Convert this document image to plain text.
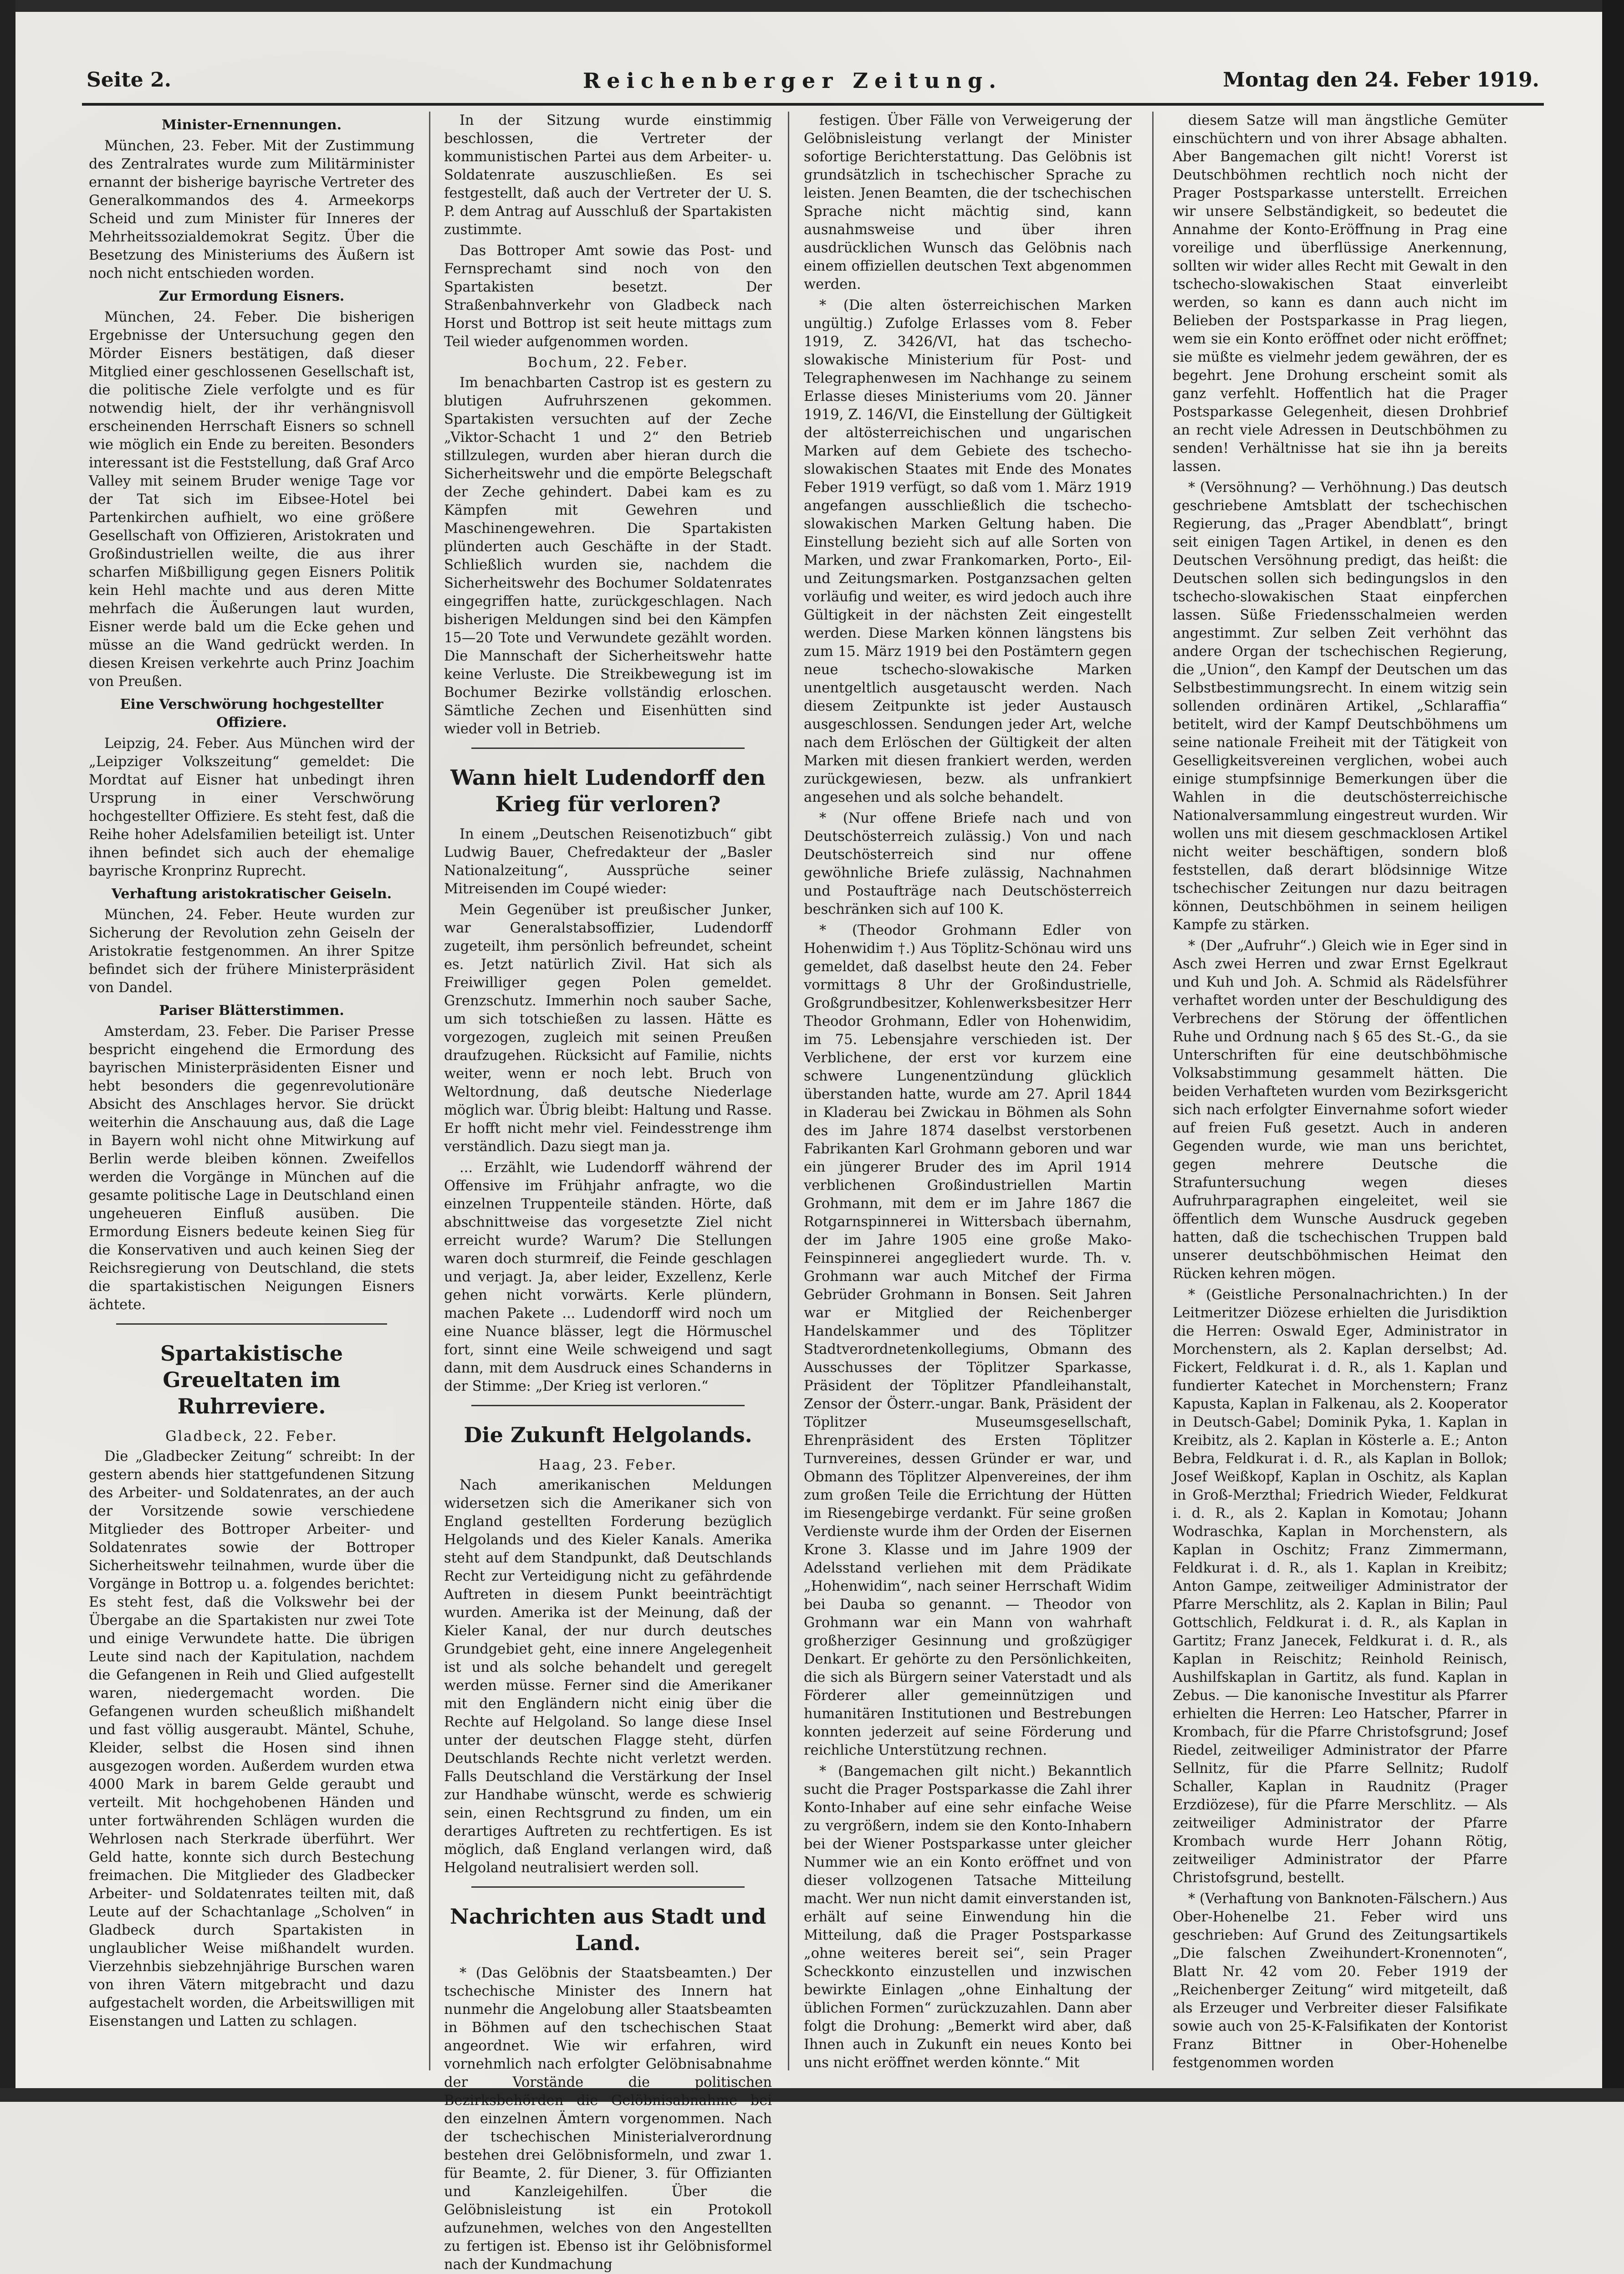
Seite 2.	Reichenberger Zeitung.	Montag den 24. Feber 1919.
Minister-Ernennungen.

München, 23. Feber. Mit der Zustimmung des Zentralrates wurde zum Militärminister ernannt der bisherige bayrische Vertreter des Generalkommandos des 4. Armeekorps Scheid und zum Minister für Inneres der Mehrheitssozialdemokrat Segitz. Über die Besetzung des Ministeriums des Äußern ist noch nicht entschieden worden.

Zur Ermordung Eisners.

München, 24. Feber. Die bisherigen Ergebnisse der Untersuchung gegen den Mörder Eisners bestätigen, daß dieser Mitglied einer geschlossenen Gesellschaft ist, die politische Ziele verfolgte und es für notwendig hielt, der ihr verhängnisvoll erscheinenden Herrschaft Eisners so schnell wie möglich ein Ende zu bereiten. Besonders interessant ist die Feststellung, daß Graf Arco Valley mit seinem Bruder wenige Tage vor der Tat sich im Eibsee-Hotel bei Partenkirchen aufhielt, wo eine größere Gesellschaft von Offizieren, Aristokraten und Großindustriellen weilte, die aus ihrer scharfen Mißbilligung gegen Eisners Politik kein Hehl machte und aus deren Mitte mehrfach die Äußerungen laut wurden, Eisner werde bald um die Ecke gehen und müsse an die Wand gedrückt werden. In diesen Kreisen verkehrte auch Prinz Joachim von Preußen.

Eine Verschwörung hochgestellter Offiziere.

Leipzig, 24. Feber. Aus München wird der „Leipziger Volkszeitung“ gemeldet: Die Mordtat auf Eisner hat unbedingt ihren Ursprung in einer Verschwörung hochgestellter Offiziere. Es steht fest, daß die Reihe hoher Adelsfamilien beteiligt ist. Unter ihnen befindet sich auch der ehemalige bayrische Kronprinz Ruprecht.

Verhaftung aristokratischer Geiseln.

München, 24. Feber. Heute wurden zur Sicherung der Revolution zehn Geiseln der Aristokratie festgenommen. An ihrer Spitze befindet sich der frühere Ministerpräsident von Dandel.

Pariser Blätterstimmen.

Amsterdam, 23. Feber. Die Pariser Presse bespricht eingehend die Ermordung des bayrischen Ministerpräsidenten Eisner und hebt besonders die gegenrevolutionäre Absicht des Anschlages hervor. Sie drückt weiterhin die Anschauung aus, daß die Lage in Bayern wohl nicht ohne Mitwirkung auf Berlin werde bleiben können. Zweifellos werden die Vorgänge in München auf die gesamte politische Lage in Deutschland einen ungeheueren Einfluß ausüben. Die Ermordung Eisners bedeute keinen Sieg für die Konservativen und auch keinen Sieg der Reichsregierung von Deutschland, die stets die spartakistischen Neigungen Eisners ächtete.

Spartakistische Greueltaten im Ruhrreviere.
Gladbeck, 22. Feber.

Die „Gladbecker Zeitung“ schreibt: In der gestern abends hier stattgefundenen Sitzung des Arbeiter- und Soldatenrates, an der auch der Vorsitzende sowie verschiedene Mitglieder des Bottroper Arbeiter- und Soldatenrates sowie der Bottroper Sicherheitswehr teilnahmen, wurde über die Vorgänge in Bottrop u. a. folgendes berichtet: Es steht fest, daß die Volkswehr bei der Übergabe an die Spartakisten nur zwei Tote und einige Verwundete hatte. Die übrigen Leute sind nach der Kapitulation, nachdem die Gefangenen in Reih und Glied aufgestellt waren, niedergemacht worden. Die Gefangenen wurden scheußlich mißhandelt und fast völlig ausgeraubt. Mäntel, Schuhe, Kleider, selbst die Hosen sind ihnen ausgezogen worden. Außerdem wurden etwa 4000 Mark in barem Gelde geraubt und verteilt. Mit hochgehobenen Händen und unter fortwährenden Schlägen wurden die Wehrlosen nach Sterkrade überführt. Wer Geld hatte, konnte sich durch Bestechung freimachen. Die Mitglieder des Gladbecker Arbeiter- und Soldatenrates teilten mit, daß Leute auf der Schachtanlage „Scholven“ in Gladbeck durch Spartakisten in unglaublicher Weise mißhandelt wurden. Vierzehnbis siebzehnjährige Burschen waren von ihren Vätern mitgebracht und dazu aufgestachelt worden, die Arbeitswilligen mit Eisenstangen und Latten zu schlagen.

In der Sitzung wurde einstimmig beschlossen, die Vertreter der kommunistischen Partei aus dem Arbeiter- u. Soldatenrate auszuschließen. Es sei festgestellt, daß auch der Vertreter der U. S. P. dem Antrag auf Ausschluß der Spartakisten zustimmte.

Das Bottroper Amt sowie das Post- und Fernsprechamt sind noch von den Spartakisten besetzt. Der Straßenbahnverkehr von Gladbeck nach Horst und Bottrop ist seit heute mittags zum Teil wieder aufgenommen worden.

Bochum, 22. Feber.

Im benachbarten Castrop ist es gestern zu blutigen Aufruhrszenen gekommen. Spartakisten versuchten auf der Zeche „Viktor-Schacht 1 und 2“ den Betrieb stillzulegen, wurden aber hieran durch die Sicherheitswehr und die empörte Belegschaft der Zeche gehindert. Dabei kam es zu Kämpfen mit Gewehren und Maschinengewehren. Die Spartakisten plünderten auch Geschäfte in der Stadt. Schließlich wurden sie, nachdem die Sicherheitswehr des Bochumer Soldatenrates eingegriffen hatte, zurückgeschlagen. Nach bisherigen Meldungen sind bei den Kämpfen 15—20 Tote und Verwundete gezählt worden. Die Mannschaft der Sicherheitswehr hatte keine Verluste. Die Streikbewegung ist im Bochumer Bezirke vollständig erloschen. Sämtliche Zechen und Eisenhütten sind wieder voll in Betrieb.

Wann hielt Ludendorff den Krieg für verloren?

In einem „Deutschen Reisenotizbuch“ gibt Ludwig Bauer, Chefredakteur der „Basler Nationalzeitung“, Aussprüche seiner Mitreisenden im Coupé wieder:

Mein Gegenüber ist preußischer Junker, war Generalstabsoffizier, Ludendorff zugeteilt, ihm persönlich befreundet, scheint es. Jetzt natürlich Zivil. Hat sich als Freiwilliger gegen Polen gemeldet. Grenzschutz. Immerhin noch sauber Sache, um sich totschießen zu lassen. Hätte es vorgezogen, zugleich mit seinen Preußen draufzugehen. Rücksicht auf Familie, nichts weiter, wenn er noch lebt. Bruch von Weltordnung, daß deutsche Niederlage möglich war. Übrig bleibt: Haltung und Rasse. Er hofft nicht mehr viel. Feindesstrenge ihm verständlich. Dazu siegt man ja.

... Erzählt, wie Ludendorff während der Offensive im Frühjahr anfragte, wo die einzelnen Truppenteile ständen. Hörte, daß abschnittweise das vorgesetzte Ziel nicht erreicht wurde? Warum? Die Stellungen waren doch sturmreif, die Feinde geschlagen und verjagt. Ja, aber leider, Exzellenz, Kerle gehen nicht vorwärts. Kerle plündern, machen Pakete ... Ludendorff wird noch um eine Nuance blässer, legt die Hörmuschel fort, sinnt eine Weile schweigend und sagt dann, mit dem Ausdruck eines Schanderns in der Stimme: „Der Krieg ist verloren.“

Die Zukunft Helgolands.
Haag, 23. Feber.

Nach amerikanischen Meldungen widersetzen sich die Amerikaner sich von England gestellten Forderung bezüglich Helgolands und des Kieler Kanals. Amerika steht auf dem Standpunkt, daß Deutschlands Recht zur Verteidigung nicht zu gefährdende Auftreten in diesem Punkt beeinträchtigt wurden. Amerika ist der Meinung, daß der Kieler Kanal, der nur durch deutsches Grundgebiet geht, eine innere Angelegenheit ist und als solche behandelt und geregelt werden müsse. Ferner sind die Amerikaner mit den Engländern nicht einig über die Rechte auf Helgoland. So lange diese Insel unter der deutschen Flagge steht, dürfen Deutschlands Rechte nicht verletzt werden. Falls Deutschland die Verstärkung der Insel zur Handhabe wünscht, werde es schwierig sein, einen Rechtsgrund zu finden, um ein derartiges Auftreten zu rechtfertigen. Es ist möglich, daß England verlangen wird, daß Helgoland neutralisiert werden soll.

Nachrichten aus Stadt und Land.

* (Das Gelöbnis der Staatsbeamten.) Der tschechische Minister des Innern hat nunmehr die Angelobung aller Staatsbeamten in Böhmen auf den tschechischen Staat angeordnet. Wie wir erfahren, wird vornehmlich nach erfolgter Gelöbnisabnahme der Vorstände die politischen Bezirksbehörden die Gelöbnisabnahme bei den einzelnen Ämtern vorgenommen. Nach der tschechischen Ministerialverordnung bestehen drei Gelöbnisformeln, und zwar 1. für Beamte, 2. für Diener, 3. für Offizianten und Kanzleigehilfen. Über die Gelöbnisleistung ist ein Protokoll aufzunehmen, welches von den Angestellten zu fertigen ist. Ebenso ist ihr Gelöbnisformel nach der Kundmachung

festigen. Über Fälle von Verweigerung der Gelöbnisleistung verlangt der Minister sofortige Berichterstattung. Das Gelöbnis ist grundsätzlich in tschechischer Sprache zu leisten. Jenen Beamten, die der tschechischen Sprache nicht mächtig sind, kann ausnahmsweise und über ihren ausdrücklichen Wunsch das Gelöbnis nach einem offiziellen deutschen Text abgenommen werden.

* (Die alten österreichischen Marken ungültig.) Zufolge Erlasses vom 8. Feber 1919, Z. 3426/VI, hat das tschecho-slowakische Ministerium für Post- und Telegraphenwesen im Nachhange zu seinem Erlasse dieses Ministeriums vom 20. Jänner 1919, Z. 146/VI, die Einstellung der Gültigkeit der altösterreichischen und ungarischen Marken auf dem Gebiete des tschecho-slowakischen Staates mit Ende des Monates Feber 1919 verfügt, so daß vom 1. März 1919 angefangen ausschließlich die tschecho-slowakischen Marken Geltung haben. Die Einstellung bezieht sich auf alle Sorten von Marken, und zwar Frankomarken, Porto-, Eil- und Zeitungsmarken. Postganzsachen gelten vorläufig und weiter, es wird jedoch auch ihre Gültigkeit in der nächsten Zeit eingestellt werden. Diese Marken können längstens bis zum 15. März 1919 bei den Postämtern gegen neue tschecho-slowakische Marken unentgeltlich ausgetauscht werden. Nach diesem Zeitpunkte ist jeder Austausch ausgeschlossen. Sendungen jeder Art, welche nach dem Erlöschen der Gültigkeit der alten Marken mit diesen frankiert werden, werden zurückgewiesen, bezw. als unfrankiert angesehen und als solche behandelt.

* (Nur offene Briefe nach und von Deutschösterreich zulässig.) Von und nach Deutschösterreich sind nur offene gewöhnliche Briefe zulässig, Nachnahmen und Postaufträge nach Deutschösterreich beschränken sich auf 100 K.

* (Theodor Grohmann Edler von Hohenwidim †.) Aus Töplitz-Schönau wird uns gemeldet, daß daselbst heute den 24. Feber vormittags 8 Uhr der Großindustrielle, Großgrundbesitzer, Kohlenwerksbesitzer Herr Theodor Grohmann, Edler von Hohenwidim, im 75. Lebensjahre verschieden ist. Der Verblichene, der erst vor kurzem eine schwere Lungenentzündung glücklich überstanden hatte, wurde am 27. April 1844 in Kladerau bei Zwickau in Böhmen als Sohn des im Jahre 1874 daselbst verstorbenen Fabrikanten Karl Grohmann geboren und war ein jüngerer Bruder des im April 1914 verblichenen Großindustriellen Martin Grohmann, mit dem er im Jahre 1867 die Rotgarnspinnerei in Wittersbach übernahm, der im Jahre 1905 eine große Mako-Feinspinnerei angegliedert wurde. Th. v. Grohmann war auch Mitchef der Firma Gebrüder Grohmann in Bonsen. Seit Jahren war er Mitglied der Reichenberger Handelskammer und des Töplitzer Stadtverordnetenkollegiums, Obmann des Ausschusses der Töplitzer Sparkasse, Präsident der Töplitzer Pfandleihanstalt, Zensor der Österr.-ungar. Bank, Präsident der Töplitzer Museumsgesellschaft, Ehrenpräsident des Ersten Töplitzer Turnvereines, dessen Gründer er war, und Obmann des Töplitzer Alpenvereines, der ihm zum großen Teile die Errichtung der Hütten im Riesengebirge verdankt. Für seine großen Verdienste wurde ihm der Orden der Eisernen Krone 3. Klasse und im Jahre 1909 der Adelsstand verliehen mit dem Prädikate „Hohenwidim“, nach seiner Herrschaft Widim bei Dauba so genannt. — Theodor von Grohmann war ein Mann von wahrhaft großherziger Gesinnung und großzügiger Denkart. Er gehörte zu den Persönlichkeiten, die sich als Bürgern seiner Vaterstadt und als Förderer aller gemeinnützigen und humanitären Institutionen und Bestrebungen konnten jederzeit auf seine Förderung und reichliche Unterstützung rechnen.

* (Bangemachen gilt nicht.) Bekanntlich sucht die Prager Postsparkasse die Zahl ihrer Konto-Inhaber auf eine sehr einfache Weise zu vergrößern, indem sie den Konto-Inhabern bei der Wiener Postsparkasse unter gleicher Nummer wie an ein Konto eröffnet und von dieser vollzogenen Tatsache Mitteilung macht. Wer nun nicht damit einverstanden ist, erhält auf seine Einwendung hin die Mitteilung, daß die Prager Postsparkasse „ohne weiteres bereit sei“, sein Prager Scheckkonto einzustellen und inzwischen bewirkte Einlagen „ohne Einhaltung der üblichen Formen“ zurückzuzahlen. Dann aber folgt die Drohung: „Bemerkt wird aber, daß Ihnen auch in Zukunft ein neues Konto bei uns nicht eröffnet werden könnte.“ Mit

diesem Satze will man ängstliche Gemüter einschüchtern und von ihrer Absage abhalten. Aber Bangemachen gilt nicht! Vorerst ist Deutschböhmen rechtlich noch nicht der Prager Postsparkasse unterstellt. Erreichen wir unsere Selbständigkeit, so bedeutet die Annahme der Konto-Eröffnung in Prag eine voreilige und überflüssige Anerkennung, sollten wir wider alles Recht mit Gewalt in den tschecho-slowakischen Staat einverleibt werden, so kann es dann auch nicht im Belieben der Postsparkasse in Prag liegen, wem sie ein Konto eröffnet oder nicht eröffnet; sie müßte es vielmehr jedem gewähren, der es begehrt. Jene Drohung erscheint somit als ganz verfehlt. Hoffentlich hat die Prager Postsparkasse Gelegenheit, diesen Drohbrief an recht viele Adressen in Deutschböhmen zu senden! Verhältnisse hat sie ihn ja bereits lassen.

* (Versöhnung? — Verhöhnung.) Das deutsch geschriebene Amtsblatt der tschechischen Regierung, das „Prager Abendblatt“, bringt seit einigen Tagen Artikel, in denen es den Deutschen Versöhnung predigt, das heißt: die Deutschen sollen sich bedingungslos in den tschecho-slowakischen Staat einpferchen lassen. Süße Friedensschalmeien werden angestimmt. Zur selben Zeit verhöhnt das andere Organ der tschechischen Regierung, die „Union“, den Kampf der Deutschen um das Selbstbestimmungsrecht. In einem witzig sein sollenden ordinären Artikel, „Schlaraffia“ betitelt, wird der Kampf Deutschböhmens um seine nationale Freiheit mit der Tätigkeit von Geselligkeitsvereinen verglichen, wobei auch einige stumpfsinnige Bemerkungen über die Wahlen in die deutschösterreichische Nationalversammlung eingestreut wurden. Wir wollen uns mit diesem geschmacklosen Artikel nicht weiter beschäftigen, sondern bloß feststellen, daß derart blödsinnige Witze tschechischer Zeitungen nur dazu beitragen können, Deutschböhmen in seinem heiligen Kampfe zu stärken.

* (Der „Aufruhr“.) Gleich wie in Eger sind in Asch zwei Herren und zwar Ernst Egelkraut und Kuh und Joh. A. Schmid als Rädelsführer verhaftet worden unter der Beschuldigung des Verbrechens der Störung der öffentlichen Ruhe und Ordnung nach § 65 des St.-G., da sie Unterschriften für eine deutschböhmische Volksabstimmung gesammelt hätten. Die beiden Verhafteten wurden vom Bezirksgericht sich nach erfolgter Einvernahme sofort wieder auf freien Fuß gesetzt. Auch in anderen Gegenden wurde, wie man uns berichtet, gegen mehrere Deutsche die Strafuntersuchung wegen dieses Aufruhrparagraphen eingeleitet, weil sie öffentlich dem Wunsche Ausdruck gegeben hatten, daß die tschechischen Truppen bald unserer deutschböhmischen Heimat den Rücken kehren mögen.

* (Geistliche Personalnachrichten.) In der Leitmeritzer Diözese erhielten die Jurisdiktion die Herren: Oswald Eger, Administrator in Morchenstern, als 2. Kaplan derselbst; Ad. Fickert, Feldkurat i. d. R., als 1. Kaplan und fundierter Katechet in Morchenstern; Franz Kapusta, Kaplan in Falkenau, als 2. Kooperator in Deutsch-Gabel; Dominik Pyka, 1. Kaplan in Kreibitz, als 2. Kaplan in Kösterle a. E.; Anton Bebra, Feldkurat i. d. R., als Kaplan in Bollok; Josef Weißkopf, Kaplan in Oschitz, als Kaplan in Groß-Merzthal; Friedrich Wieder, Feldkurat i. d. R., als 2. Kaplan in Komotau; Johann Wodraschka, Kaplan in Morchenstern, als Kaplan in Oschitz; Franz Zimmermann, Feldkurat i. d. R., als 1. Kaplan in Kreibitz; Anton Gampe, zeitweiliger Administrator der Pfarre Merschlitz, als 2. Kaplan in Bilin; Paul Gottschlich, Feldkurat i. d. R., als Kaplan in Gartitz; Franz Janecek, Feldkurat i. d. R., als Kaplan in Reischitz; Reinhold Reinisch, Aushilfskaplan in Gartitz, als fund. Kaplan in Zebus. — Die kanonische Investitur als Pfarrer erhielten die Herren: Leo Hatscher, Pfarrer in Krombach, für die Pfarre Christofsgrund; Josef Riedel, zeitweiliger Administrator der Pfarre Sellnitz, für die Pfarre Sellnitz; Rudolf Schaller, Kaplan in Raudnitz (Prager Erzdiözese), für die Pfarre Merschlitz. — Als zeitweiliger Administrator der Pfarre Krombach wurde Herr Johann Rötig, zeitweiliger Administrator der Pfarre Christofsgrund, bestellt.

* (Verhaftung von Banknoten-Fälschern.) Aus Ober-Hohenelbe 21. Feber wird uns geschrieben: Auf Grund des Zeitungsartikels „Die falschen Zweihundert-Kronennoten“, Blatt Nr. 42 vom 20. Feber 1919 der „Reichenberger Zeitung“ wird mitgeteilt, daß als Erzeuger und Verbreiter dieser Falsifikate sowie auch von 25-K-Falsifikaten der Kontorist Franz Bittner in Ober-Hohenelbe festgenommen worden
